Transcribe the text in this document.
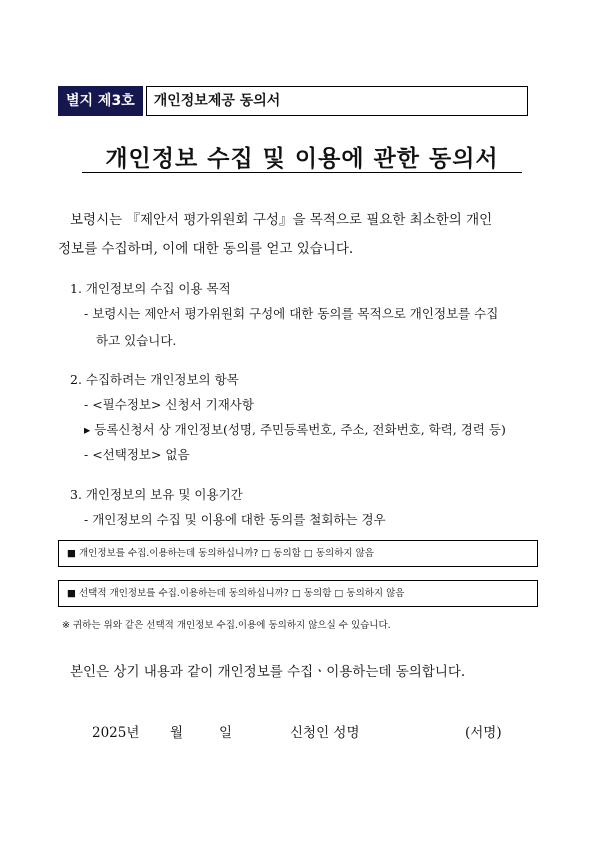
별지 제3호	개인정보제공 동의서
개인정보 수집 및 이용에 관한 동의서
보령시는 『제안서 평가위원회 구성』을 목적으로 필요한 최소한의 개인
정보를 수집하며, 이에 대한 동의를 얻고 있습니다.
1. 개인정보의 수집 이용 목적
- 보령시는 제안서 평가위원회 구성에 대한 동의를 목적으로 개인정보를 수집
하고 있습니다.
2. 수집하려는 개인정보의 항목
- <필수정보> 신청서 기재사항
▸ 등록신청서 상 개인정보(성명, 주민등록번호, 주소, 전화번호, 학력, 경력 등)
- <선택정보> 없음
3. 개인정보의 보유 및 이용기간
- 개인정보의 수집 및 이용에 대한 동의를 철회하는 경우
■ 개인정보를 수집.이용하는데 동의하십니까? □ 동의함 □ 동의하지 않음
■ 선택적 개인정보를 수집.이용하는데 동의하십니까? □ 동의함 □ 동의하지 않음
※ 귀하는 위와 같은 선택적 개인정보 수집.이용에 동의하지 않으실 수 있습니다.
본인은 상기 내용과 같이 개인정보를 수집ㆍ이용하는데 동의합니다.
2025년 월	일	신청인 성명	(서명)
